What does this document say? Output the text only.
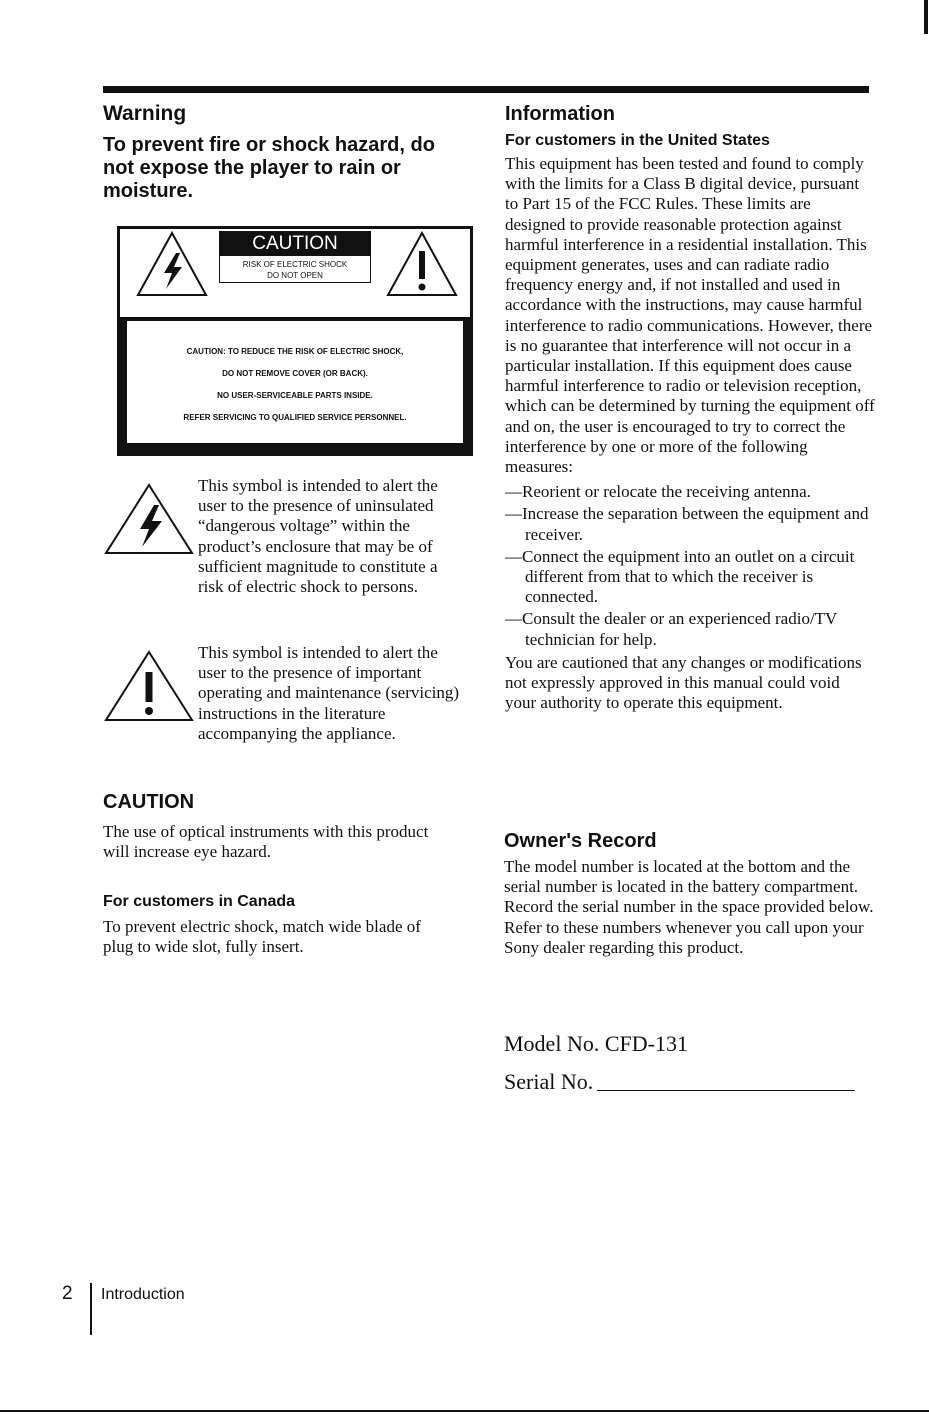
Warning
To prevent fire or shock hazard, do not expose the player to rain or moisture.
CAUTION
RISK OF ELECTRIC SHOCK
DO NOT OPEN
CAUTION: TO REDUCE THE RISK OF ELECTRIC SHOCK,
DO NOT REMOVE COVER (OR BACK).
NO USER-SERVICEABLE PARTS INSIDE.
REFER SERVICING TO QUALIFIED SERVICE PERSONNEL.

This symbol is intended to alert the user to the presence of uninsulated “dangerous voltage” within the product’s enclosure that may be of sufficient magnitude to constitute a risk of electric shock to persons.

This symbol is intended to alert the user to the presence of important operating and maintenance (servicing) instructions in the literature accompanying the appliance.

CAUTION

The use of optical instruments with this product will increase eye hazard.

For customers in Canada

To prevent electric shock, match wide blade of plug to wide slot, fully insert.

Information
For customers in the United States

This equipment has been tested and found to comply with the limits for a Class B digital device, pursuant to Part 15 of the FCC Rules. These limits are designed to provide reasonable protection against harmful interference in a residential installation. This equipment generates, uses and can radiate radio frequency energy and, if not installed and used in accordance with the instructions, may cause harmful interference to radio communications. However, there is no guarantee that interference will not occur in a particular installation. If this equipment does cause harmful interference to radio or television reception, which can be determined by turning the equipment off and on, the user is encouraged to try to correct the interference by one or more of the following measures:

—Reorient or relocate the receiving antenna.

—Increase the separation between the equipment and receiver.

—Connect the equipment into an outlet on a circuit different from that to which the receiver is connected.

—Consult the dealer or an experienced radio/TV technician for help.

You are cautioned that any changes or modifications not expressly approved in this manual could void your authority to operate this equipment.

Owner's Record

The model number is located at the bottom and the serial number is located in the battery compartment.

Record the serial number in the space provided below. Refer to these numbers whenever you call upon your Sony dealer regarding this product.

Model No. CFD-131
Serial No.
2 Introduction
